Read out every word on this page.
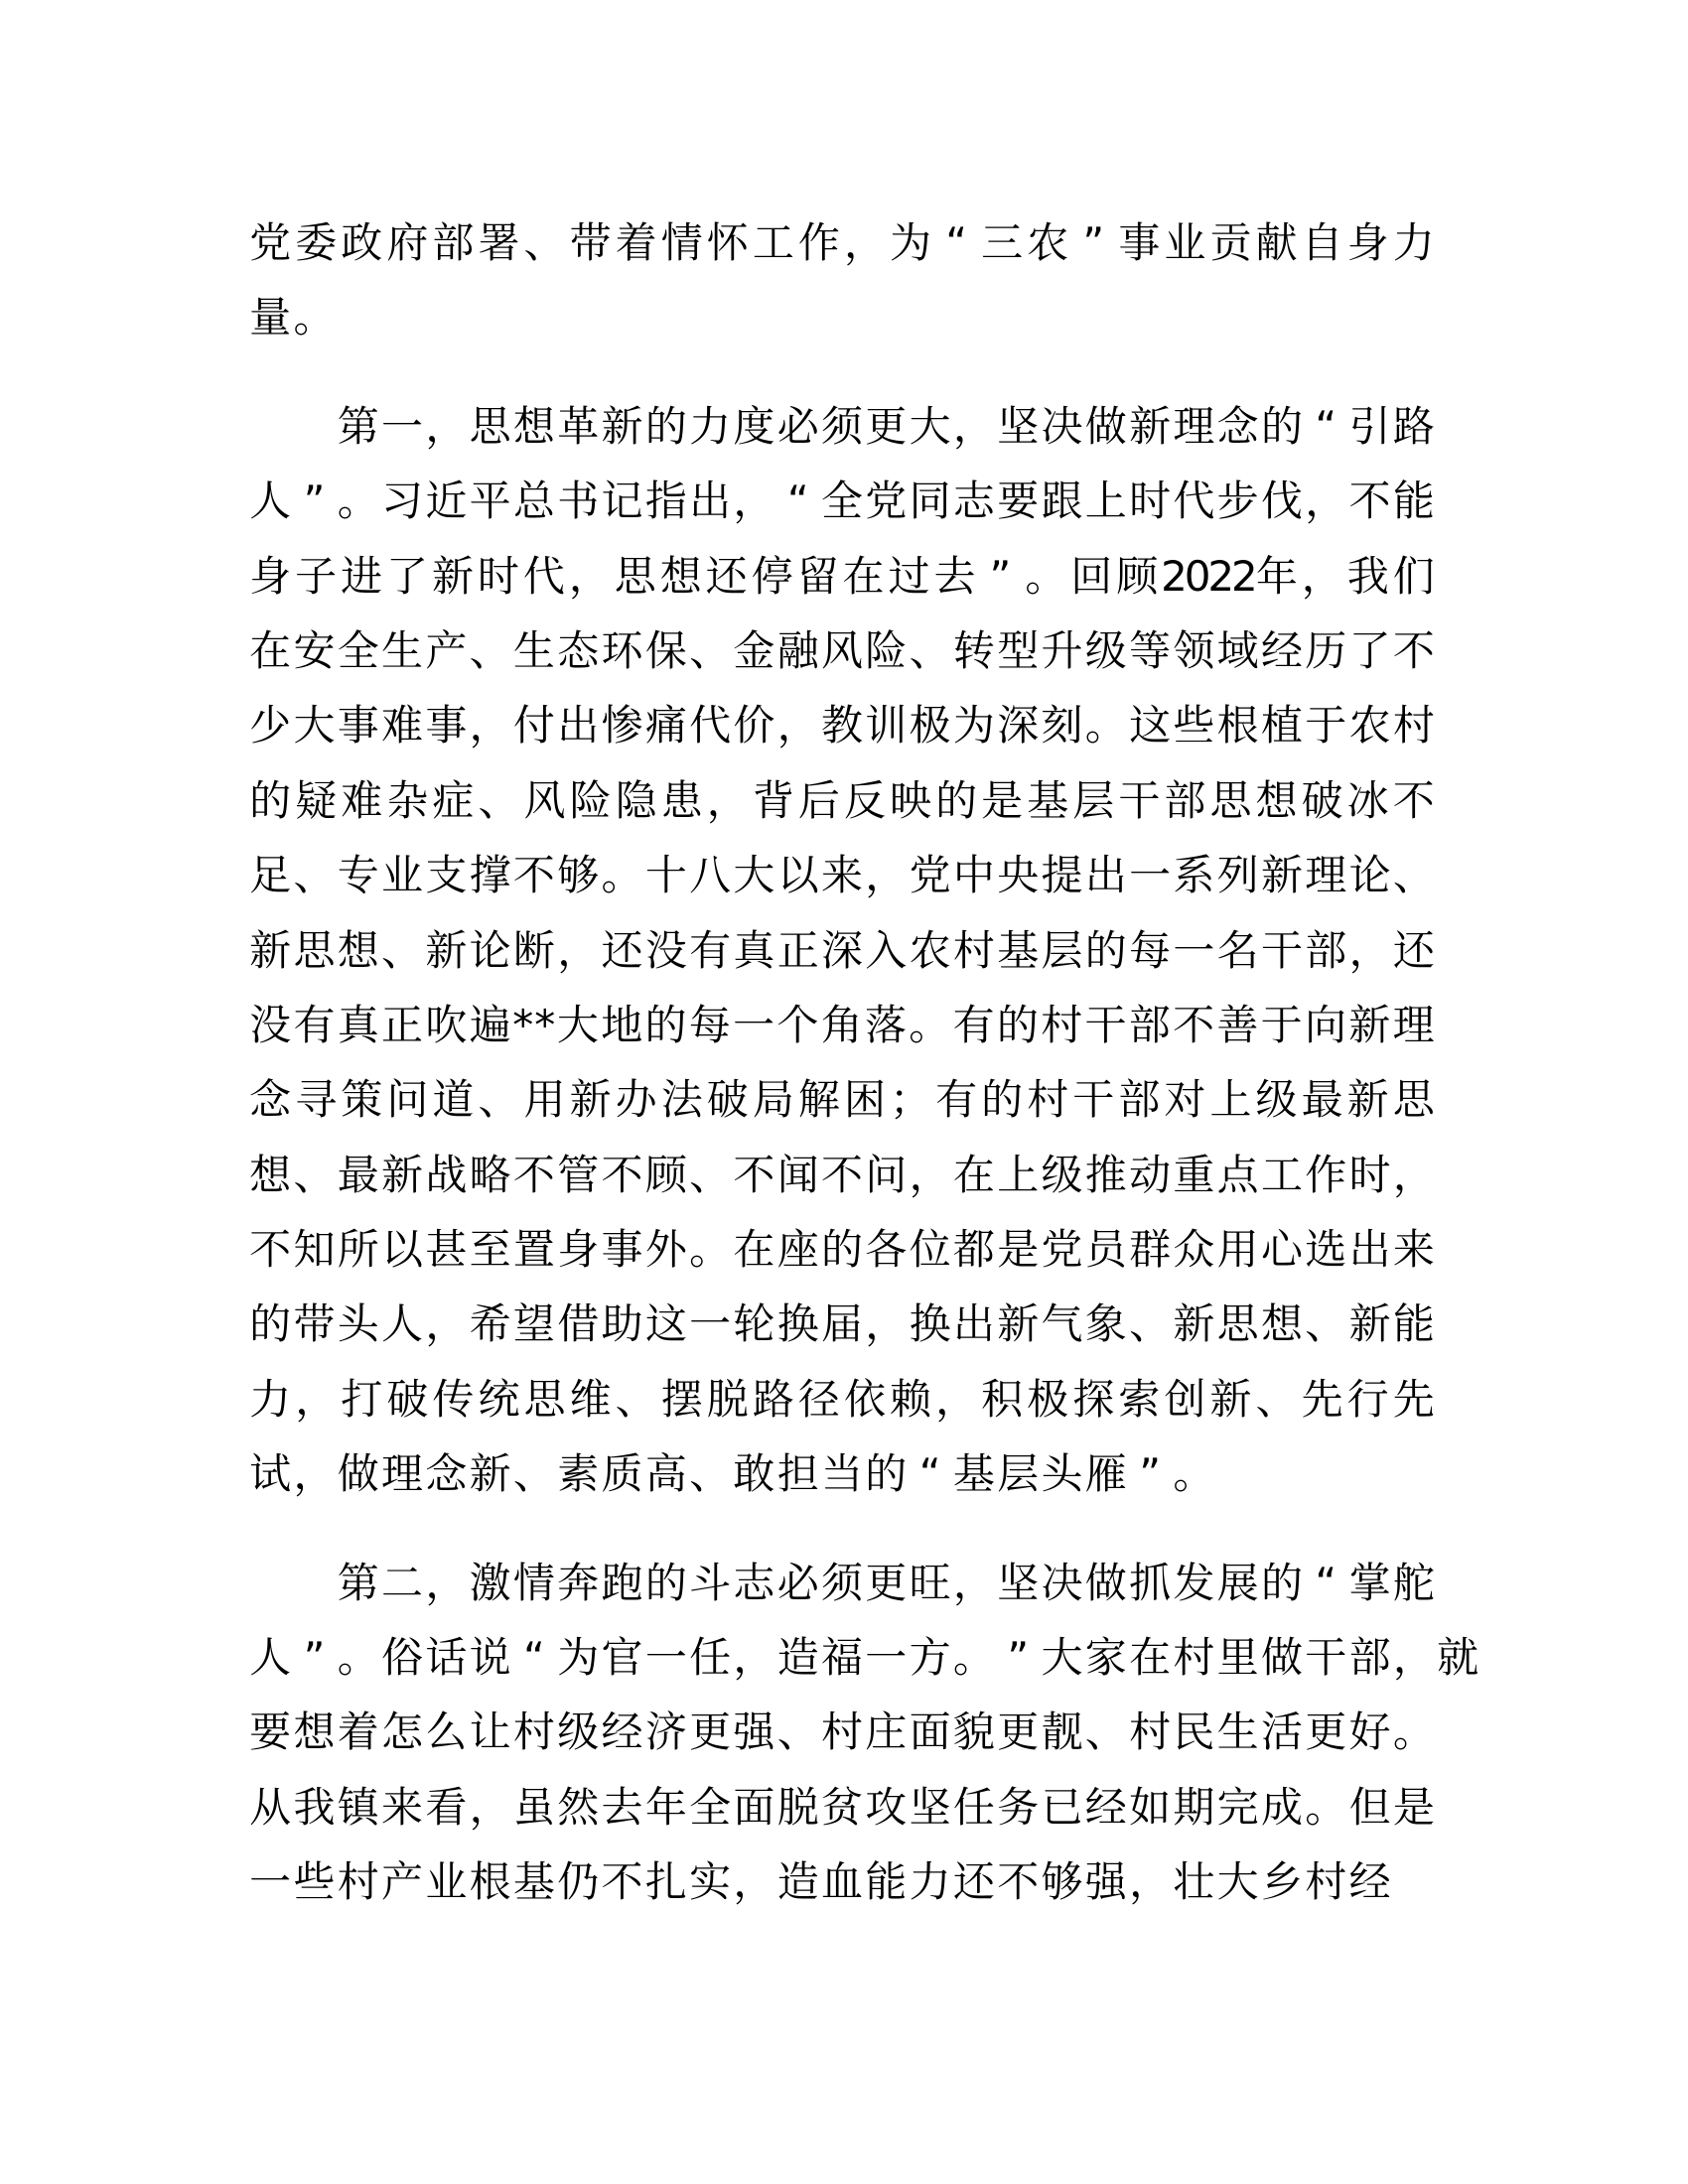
党 委 政 府 部 署 、 带 着 情 怀 工 作 ， 为 “ 三 农 ” 事 业 贡 献 自 身 力
量 。
第 一 ， 思 想 革 新 的 力 度 必 须 更 大 ， 坚 决 做 新 理 念 的 “ 引 路
人 ” 。 习 近 平 总 书 记 指 出 ， “ 全 党 同 志 要 跟 上 时 代 步 伐 ， 不 能
身 子 进 了 新 时 代 ， 思 想 还 停 留 在 过 去 ” 。 回 顾 2
0
2
2
年 ， 我 们
在 安 全 生 产 、 生 态 环 保 、 金 融 风 险 、 转 型 升 级 等 领 域 经 历 了 不
少 大 事 难 事 ， 付 出 惨 痛 代 价 ， 教 训 极 为 深 刻 。 这 些 根 植 于 农 村
的 疑 难 杂 症 、 风 险 隐 患 ， 背 后 反 映 的 是 基 层 干 部 思 想 破 冰 不
足 、 专 业 支 撑 不 够 。 十 八 大 以 来 ， 党 中 央 提 出 一 系 列 新 理 论 、
新 思 想 、 新 论 断 ， 还 没 有 真 正 深 入 农 村 基 层 的 每 一 名 干 部 ， 还
没 有 真 正 吹 遍 * * 大 地 的 每 一 个 角 落 。 有 的 村 干 部 不 善 于 向 新 理
念 寻 策 问 道 、 用 新 办 法 破 局 解 困 ； 有 的 村 干 部 对 上 级 最 新 思
想 、 最 新 战 略 不 管 不 顾 、 不 闻 不 问 ， 在 上 级 推 动 重 点 工 作 时 ，
不 知 所 以 甚 至 置 身 事 外 。 在 座 的 各 位 都 是 党 员 群 众 用 心 选 出 来
的 带 头 人 ， 希 望 借 助 这 一 轮 换 届 ， 换 出 新 气 象 、 新 思 想 、 新 能
力 ， 打 破 传 统 思 维 、 摆 脱 路 径 依 赖 ， 积 极 探 索 创 新 、 先 行 先
试 ， 做 理 念 新 、 素 质 高 、 敢 担 当 的 “ 基 层 头 雁 ” 。
第 二 ， 激 情 奔 跑 的 斗 志 必 须 更 旺 ， 坚 决 做 抓 发 展 的 “ 掌 舵
人 ” 。 俗 话 说 “ 为 官 一 任 ， 造 福 一 方 。 ” 大 家 在 村 里 做 干 部 ， 就
要 想 着 怎 么 让 村 级 经 济 更 强 、 村 庄 面 貌 更 靓 、 村 民 生 活 更 好 。
从 我 镇 来 看 ， 虽 然 去 年 全 面 脱 贫 攻 坚 任 务 已 经 如 期 完 成 。 但 是
一 些 村 产 业 根 基 仍 不 扎 实 ， 造 血 能 力 还 不 够 强 ， 壮 大 乡 村 经
